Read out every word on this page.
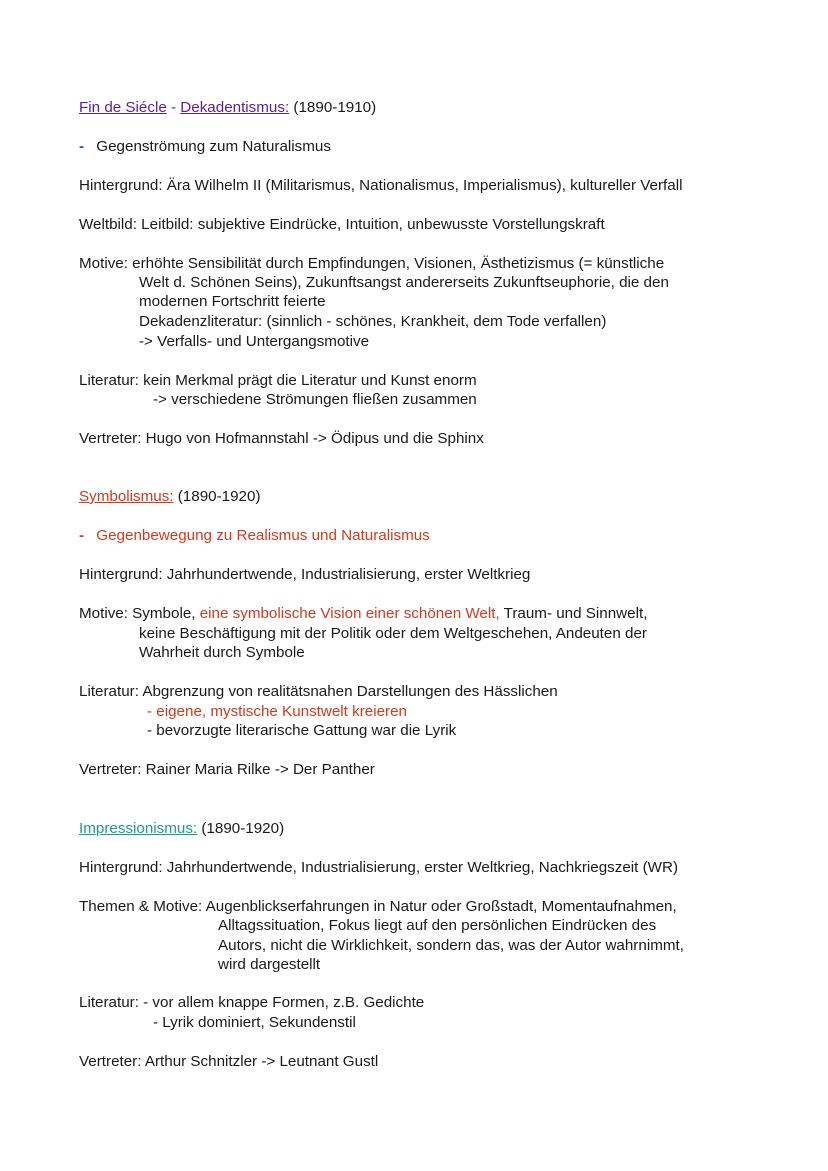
Fin de Siécle - Dekadentismus: (1890-1910)
- Gegenströmung zum Naturalismus
Hintergrund: Ära Wilhelm II (Militarismus, Nationalismus, Imperialismus), kultureller Verfall
Weltbild: Leitbild: subjektive Eindrücke, Intuition, unbewusste Vorstellungskraft
Motive: erhöhte Sensibilität durch Empfindungen, Visionen, Ästhetizismus (= künstliche
Welt d. Schönen Seins), Zukunftsangst andererseits Zukunftseuphorie, die den
modernen Fortschritt feierte
Dekadenzliteratur: (sinnlich - schönes, Krankheit, dem Tode verfallen)
-> Verfalls- und Untergangsmotive
Literatur: kein Merkmal prägt die Literatur und Kunst enorm
-> verschiedene Strömungen fließen zusammen
Vertreter: Hugo von Hofmannstahl -> Ödipus und die Sphinx
Symbolismus: (1890-1920)
- Gegenbewegung zu Realismus und Naturalismus
Hintergrund: Jahrhundertwende, Industrialisierung, erster Weltkrieg
Motive: Symbole, eine symbolische Vision einer schönen Welt, Traum- und Sinnwelt,
keine Beschäftigung mit der Politik oder dem Weltgeschehen, Andeuten der
Wahrheit durch Symbole
Literatur: Abgrenzung von realitätsnahen Darstellungen des Hässlichen
- eigene, mystische Kunstwelt kreieren
- bevorzugte literarische Gattung war die Lyrik
Vertreter: Rainer Maria Rilke -> Der Panther
Impressionismus: (1890-1920)
Hintergrund: Jahrhundertwende, Industrialisierung, erster Weltkrieg, Nachkriegszeit (WR)
Themen & Motive: Augenblickserfahrungen in Natur oder Großstadt, Momentaufnahmen,
Alltagssituation, Fokus liegt auf den persönlichen Eindrücken des
Autors, nicht die Wirklichkeit, sondern das, was der Autor wahrnimmt,
wird dargestellt
Literatur: - vor allem knappe Formen, z.B. Gedichte
- Lyrik dominiert, Sekundenstil
Vertreter: Arthur Schnitzler -> Leutnant Gustl
